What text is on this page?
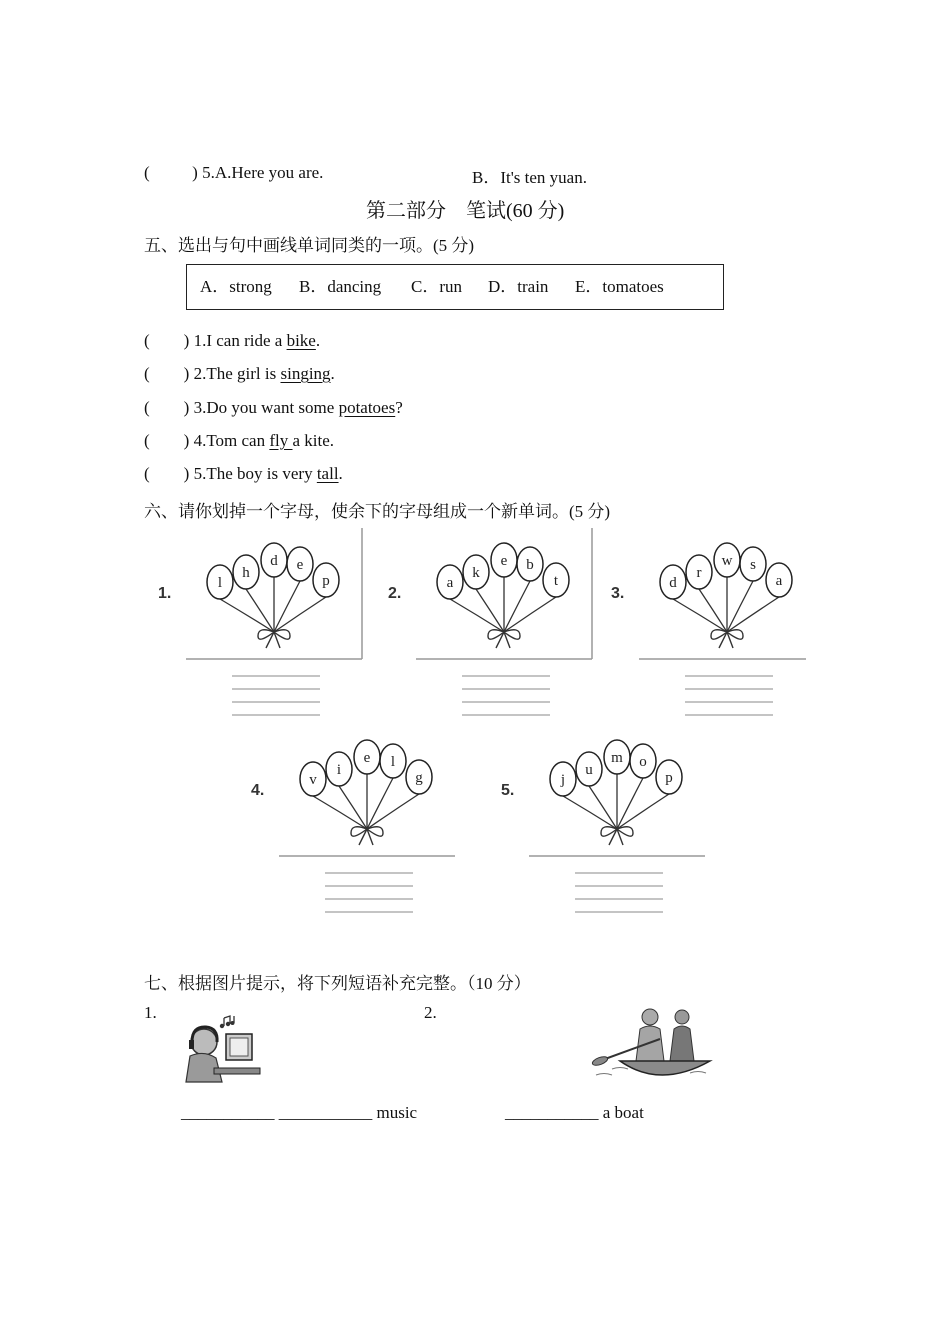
(	) 5.A.Here you are.	B．It's ten yuan.
第二部分　笔试(60 分)
五、选出与句中画线单词同类的一项。(5 分)
A．strong B．dancing C．run D．train E．tomatoes
( ) 1.I can ride a bike.
( ) 2.The girl is singing.
( ) 3.Do you want some potatoes?
( ) 4.Tom can fly a kite.
( ) 5.The boy is very tall.
六、请你划掉一个字母，使余下的字母组成一个新单词。(5 分)
1.
l
h
d e
p
2.
a
k
e b
t
3.
d
r
w s
a
4.
v
i
e l
g
5.
j
u
m o
p
七、根据图片提示，将下列短语补充完整。（10 分）
1.	2.
___________ ___________ music	___________ a boat
